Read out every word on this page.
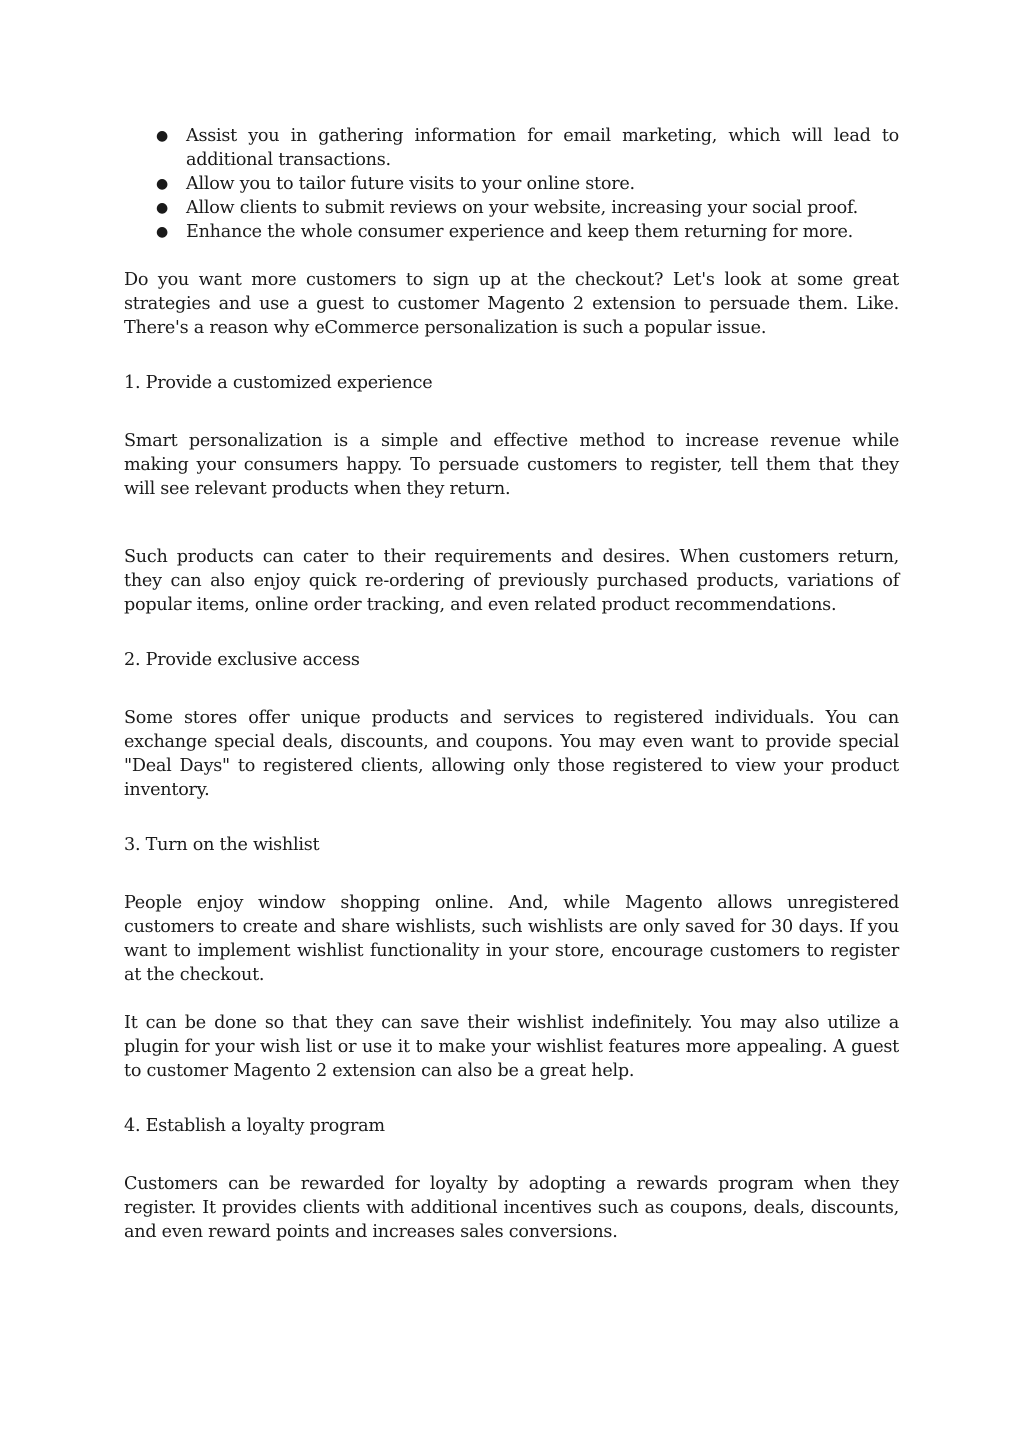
● Assist you in gathering information for email marketing, which will lead to additional transactions.
● Allow you to tailor future visits to your online store.
● Allow clients to submit reviews on your website, increasing your social proof.
● Enhance the whole consumer experience and keep them returning for more.

Do you want more customers to sign up at the checkout? Let's look at some great strategies and use a guest to customer Magento 2 extension to persuade them. Like. There's a reason why eCommerce personalization is such a popular issue.

1. Provide a customized experience

Smart personalization is a simple and effective method to increase revenue while making your consumers happy. To persuade customers to register, tell them that they will see relevant products when they return.

Such products can cater to their requirements and desires. When customers return, they can also enjoy quick re-ordering of previously purchased products, variations of popular items, online order tracking, and even related product recommendations.

2. Provide exclusive access

Some stores offer unique products and services to registered individuals. You can exchange special deals, discounts, and coupons. You may even want to provide special "Deal Days" to registered clients, allowing only those registered to view your product inventory.

3. Turn on the wishlist

People enjoy window shopping online. And, while Magento allows unregistered customers to create and share wishlists, such wishlists are only saved for 30 days. If you want to implement wishlist functionality in your store, encourage customers to register at the checkout.

It can be done so that they can save their wishlist indefinitely. You may also utilize a plugin for your wish list or use it to make your wishlist features more appealing. A guest to customer Magento 2 extension can also be a great help.

4. Establish a loyalty program

Customers can be rewarded for loyalty by adopting a rewards program when they register. It provides clients with additional incentives such as coupons, deals, discounts, and even reward points and increases sales conversions.
